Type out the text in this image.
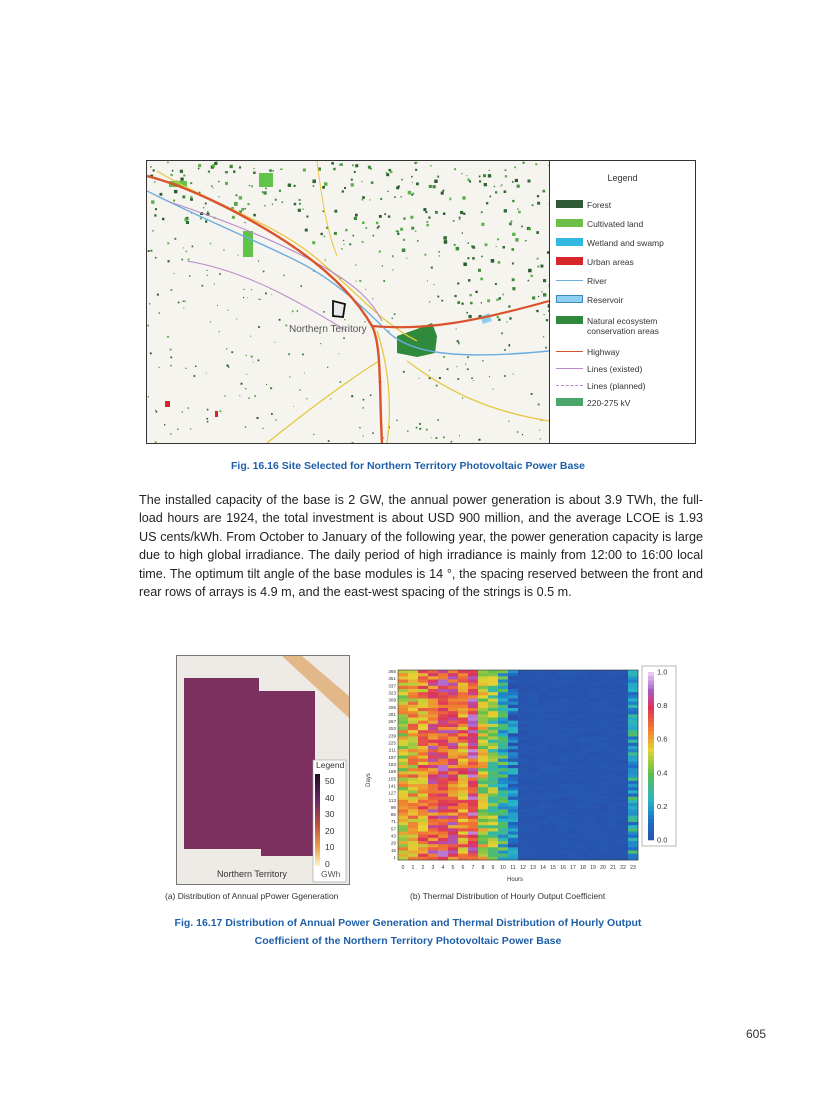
Northern Territory
Legend
Forest
Cultivated land
Wetland and swamp
Urban areas
River
Reservoir
Natural ecosystem
conservation areas
Highway
Lines (existed)
Lines (planned)
220-275 kV
Fig. 16.16 Site Selected for Northern Territory Photovoltaic Power Base
The installed capacity of the base is 2 GW, the annual power generation is about 3.9 TWh, the full-load hours are 1924, the total investment is about USD 900 million, and the average LCOE is 1.93 US cents/kWh. From October to January of the following year, the power generation capacity is large due to high global irradiance. The daily period of high irradiance is mainly from 12:00 to 16:00 local time. The optimum tilt angle of the base modules is 14 °, the spacing reserved between the front and rear rows of arrays is 4.9 m, and the east-west spacing of the strings is 0.5 m.
Legend
50
40
30
20
10
0
GWh
Northern Territory
(a) Distribution of Annual pPower Ggeneration
365
351
337
323
309
295
281
267
253
239
225
211
197
183
169
155
141
127
113
99
85
71
57
43
29
15
1
0 1 2 3 4 5 6 7 8 9 10 11 12 13 14 15 16 17 18 19 20 21 22 23
Days
Hours
1.0
0.8
0.6
0.4
0.2
0.0
(b) Thermal Distribution of Hourly Output Coefficient
Fig. 16.17 Distribution of Annual Power Generation and Thermal Distribution of Hourly Output
Coefficient of the Northern Territory Photovoltaic Power Base
605
